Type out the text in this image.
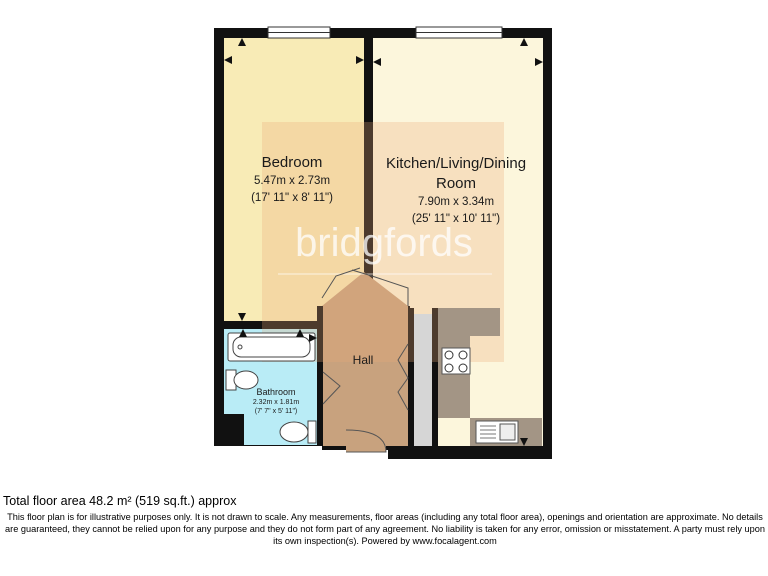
bridgfords
Bedroom
5.47m x 2.73m
(17' 11" x 8' 11")
Kitchen/Living/Dining
Room
7.90m x 3.34m
(25' 11" x 10' 11")
Hall
Bathroom
2.32m x 1.81m
(7' 7" x 5' 11")
Total floor area 48.2 m² (519 sq.ft.) approx
This floor plan is for illustrative purposes only. It is not drawn to scale. Any measurements, floor areas (including any total floor area), openings and orientation are approximate. No details are guaranteed, they cannot be relied upon for any purpose and they do not form part of any agreement. No liability is taken for any error, omission or misstatement. A party must rely upon its own inspection(s). Powered by www.focalagent.com
